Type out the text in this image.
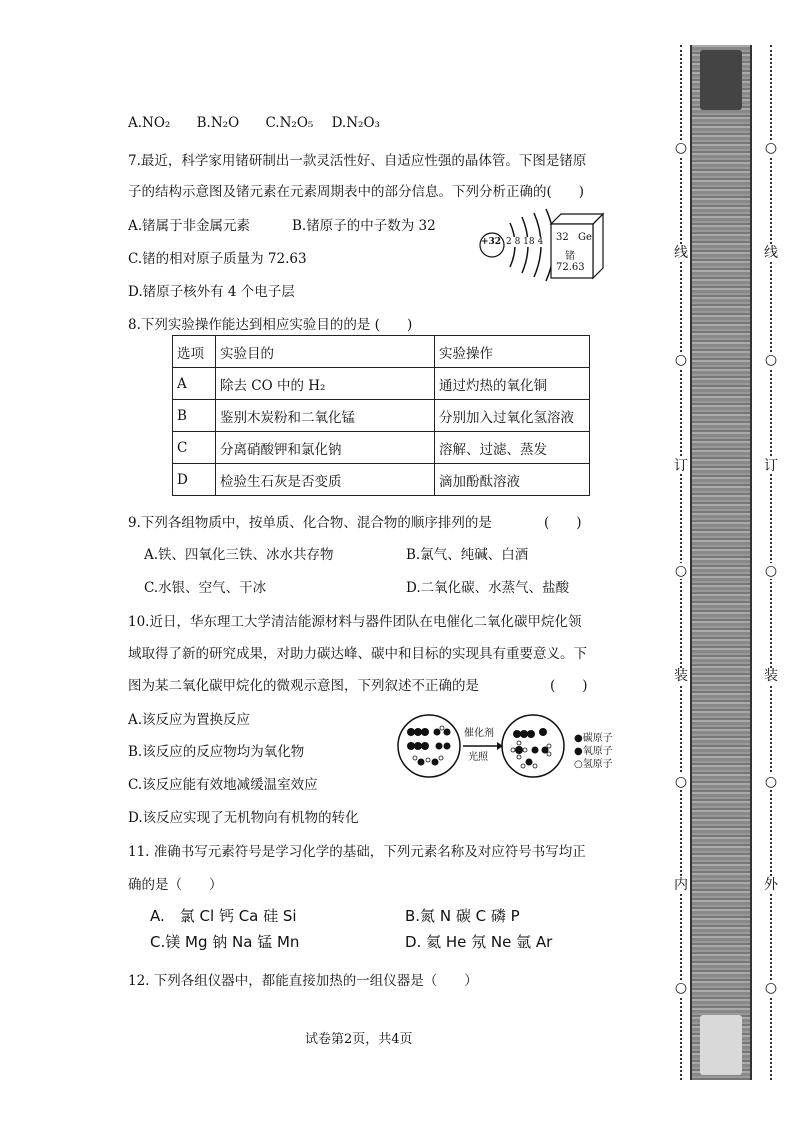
A.NO₂ B.N₂O C.N₂O₅ D.N₂O₃
7.最近，科学家用锗研制出一款灵活性好、自适应性强的晶体管。下图是锗原
子的结构示意图及锗元素在元素周期表中的部分信息。下列分析正确的(　　)
A.锗属于非金属元素	B.锗原子的中子数为 32
C.锗的相对原子质量为 72.63
D.锗原子核外有 4 个电子层
+32 2 8 18 4 32 Ge
锗
72.63
8.下列实验操作能达到相应实验目的的是 (　　)
选项	实验目的	实验操作
A	除去 CO 中的 H₂	通过灼热的氧化铜
B	鉴别木炭粉和二氧化锰	分别加入过氧化氢溶液
C	分离硝酸钾和氯化钠	溶解、过滤、蒸发
D	检验生石灰是否变质	滴加酚酞溶液
9.下列各组物质中，按单质、化合物、混合物的顺序排列的是	(　　)
A.铁、四氧化三铁、冰水共存物	B.氯气、纯碱、白酒
C.水银、空气、干冰	D.二氧化碳、水蒸气、盐酸
10.近日，华东理工大学清洁能源材料与器件团队在电催化二氧化碳甲烷化领
域取得了新的研究成果，对助力碳达峰、碳中和目标的实现具有重要意义。下
图为某二氧化碳甲烷化的微观示意图，下列叙述不正确的是	(　　)
A.该反应为置换反应
B.该反应的反应物均为氧化物
C.该反应能有效地减缓温室效应
D.该反应实现了无机物向有机物的转化
催化剂
光照
●碳原子
●氧原子
○氢原子
11. 准确书写元素符号是学习化学的基础，下列元素名称及对应符号书写均正
确的是（　　）
A.　氯 Cl 钙 Ca 硅 Si	B.氮 N 碳 C 磷 P
C.镁 Mg 钠 Na 锰 Mn	D. 氦 He 氖 Ne 氩 Ar
12. 下列各组仪器中，都能直接加热的一组仪器是（　　）
试卷第2页，共4页
○
线
○
订
○
装
○
内
○
○
线
○
订
○
装
○
外
○
